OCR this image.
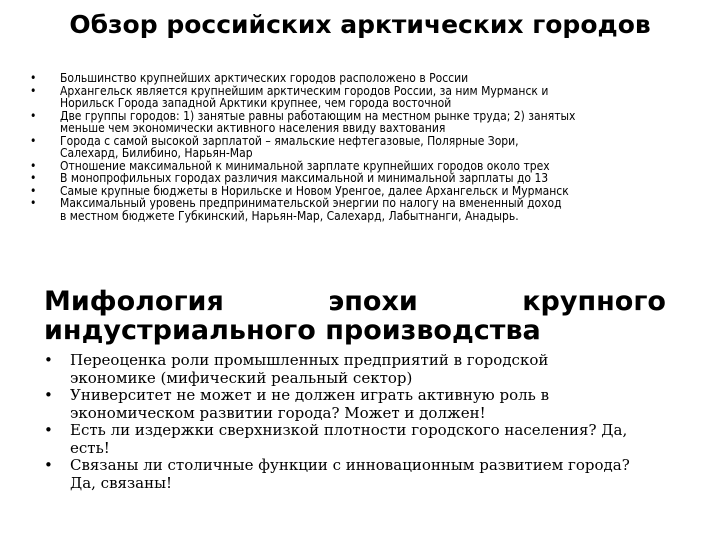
Обзор российских арктических городов
• Большинство крупнейших арктических городов расположено в России
• Архангельск является крупнейшим арктическим городов России, за ним Мурманск и
Норильск Города западной Арктики крупнее, чем города восточной
• Две группы городов: 1) занятые равны работающим на местном рынке труда; 2) занятых
меньше чем экономически активного населения ввиду вахтования
• Города с самой высокой зарплатой – ямальские нефтегазовые, Полярные Зори,
Салехард, Билибино, Нарьян-Мар
• Отношение максимальной к минимальной зарплате крупнейших городов около трех
• В монопрофильных городах различия максимальной и минимальной зарплаты до 13
• Самые крупные бюджеты в Норильске и Новом Уренгое, далее Архангельск и Мурманск
• Максимальный уровень предпринимательской энергии по налогу на вмененный доход
в местном бюджете Губкинский, Нарьян-Мар, Салехард, Лабытнанги, Анадырь.
Мифология	эпохи	крупного
индустриального производства
• Переоценка роли промышленных предприятий в городской
экономике (мифический реальный сектор)
• Университет не может и не должен играть активную роль в
экономическом развитии города? Может и должен!
• Есть ли издержки сверхнизкой плотности городского населения? Да,
есть!
• Связаны ли столичные функции с инновационным развитием города?
Да, связаны!
